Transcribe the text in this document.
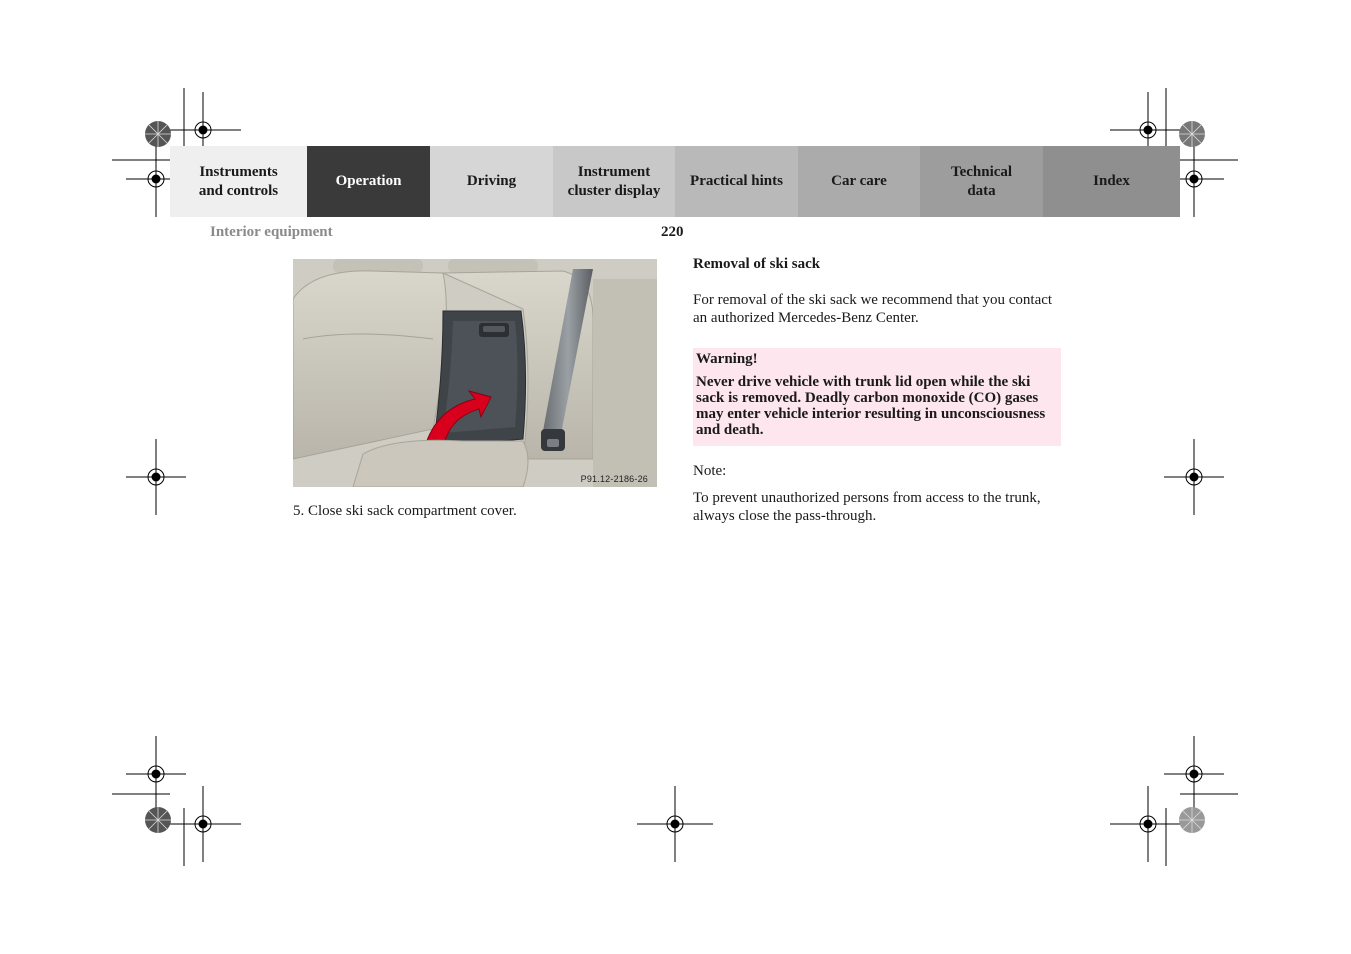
Instruments
and controls
Operation	Driving
Instrument
cluster display
Practical hints	Car care
Technical
data
Index
Interior equipment	220
P91.12-2186-26
5. Close ski sack compartment cover.
Removal of ski sack
For removal of the ski sack we recommend that you contact an authorized Mercedes-Benz Center.
Warning!
Never drive vehicle with trunk lid open while the ski sack is removed. Deadly carbon monoxide (CO) gases may enter vehicle interior resulting in unconsciousness and death.
Note:
To prevent unauthorized persons from access to the trunk, always close the pass-through.
